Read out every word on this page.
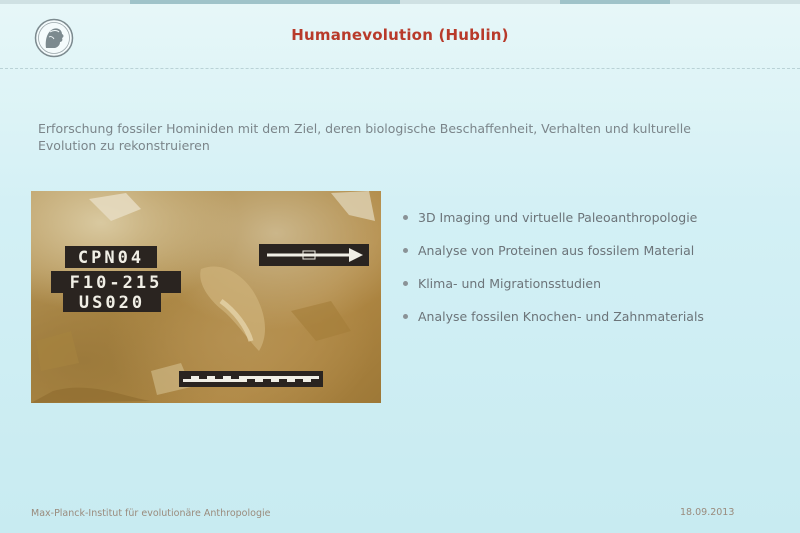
Humanevolution (Hublin)
Erforschung fossiler Hominiden mit dem Ziel, deren biologische Beschaffenheit, Verhalten und kulturelle Evolution zu rekonstruieren
CPN04
F10-215
US020
3D Imaging und virtuelle Paleoanthropologie
Analyse von Proteinen aus fossilem Material
Klima- und Migrationsstudien
Analyse fossilen Knochen- und Zahnmaterials
Max-Planck-Institut für evolutionäre Anthropologie	18.09.2013
